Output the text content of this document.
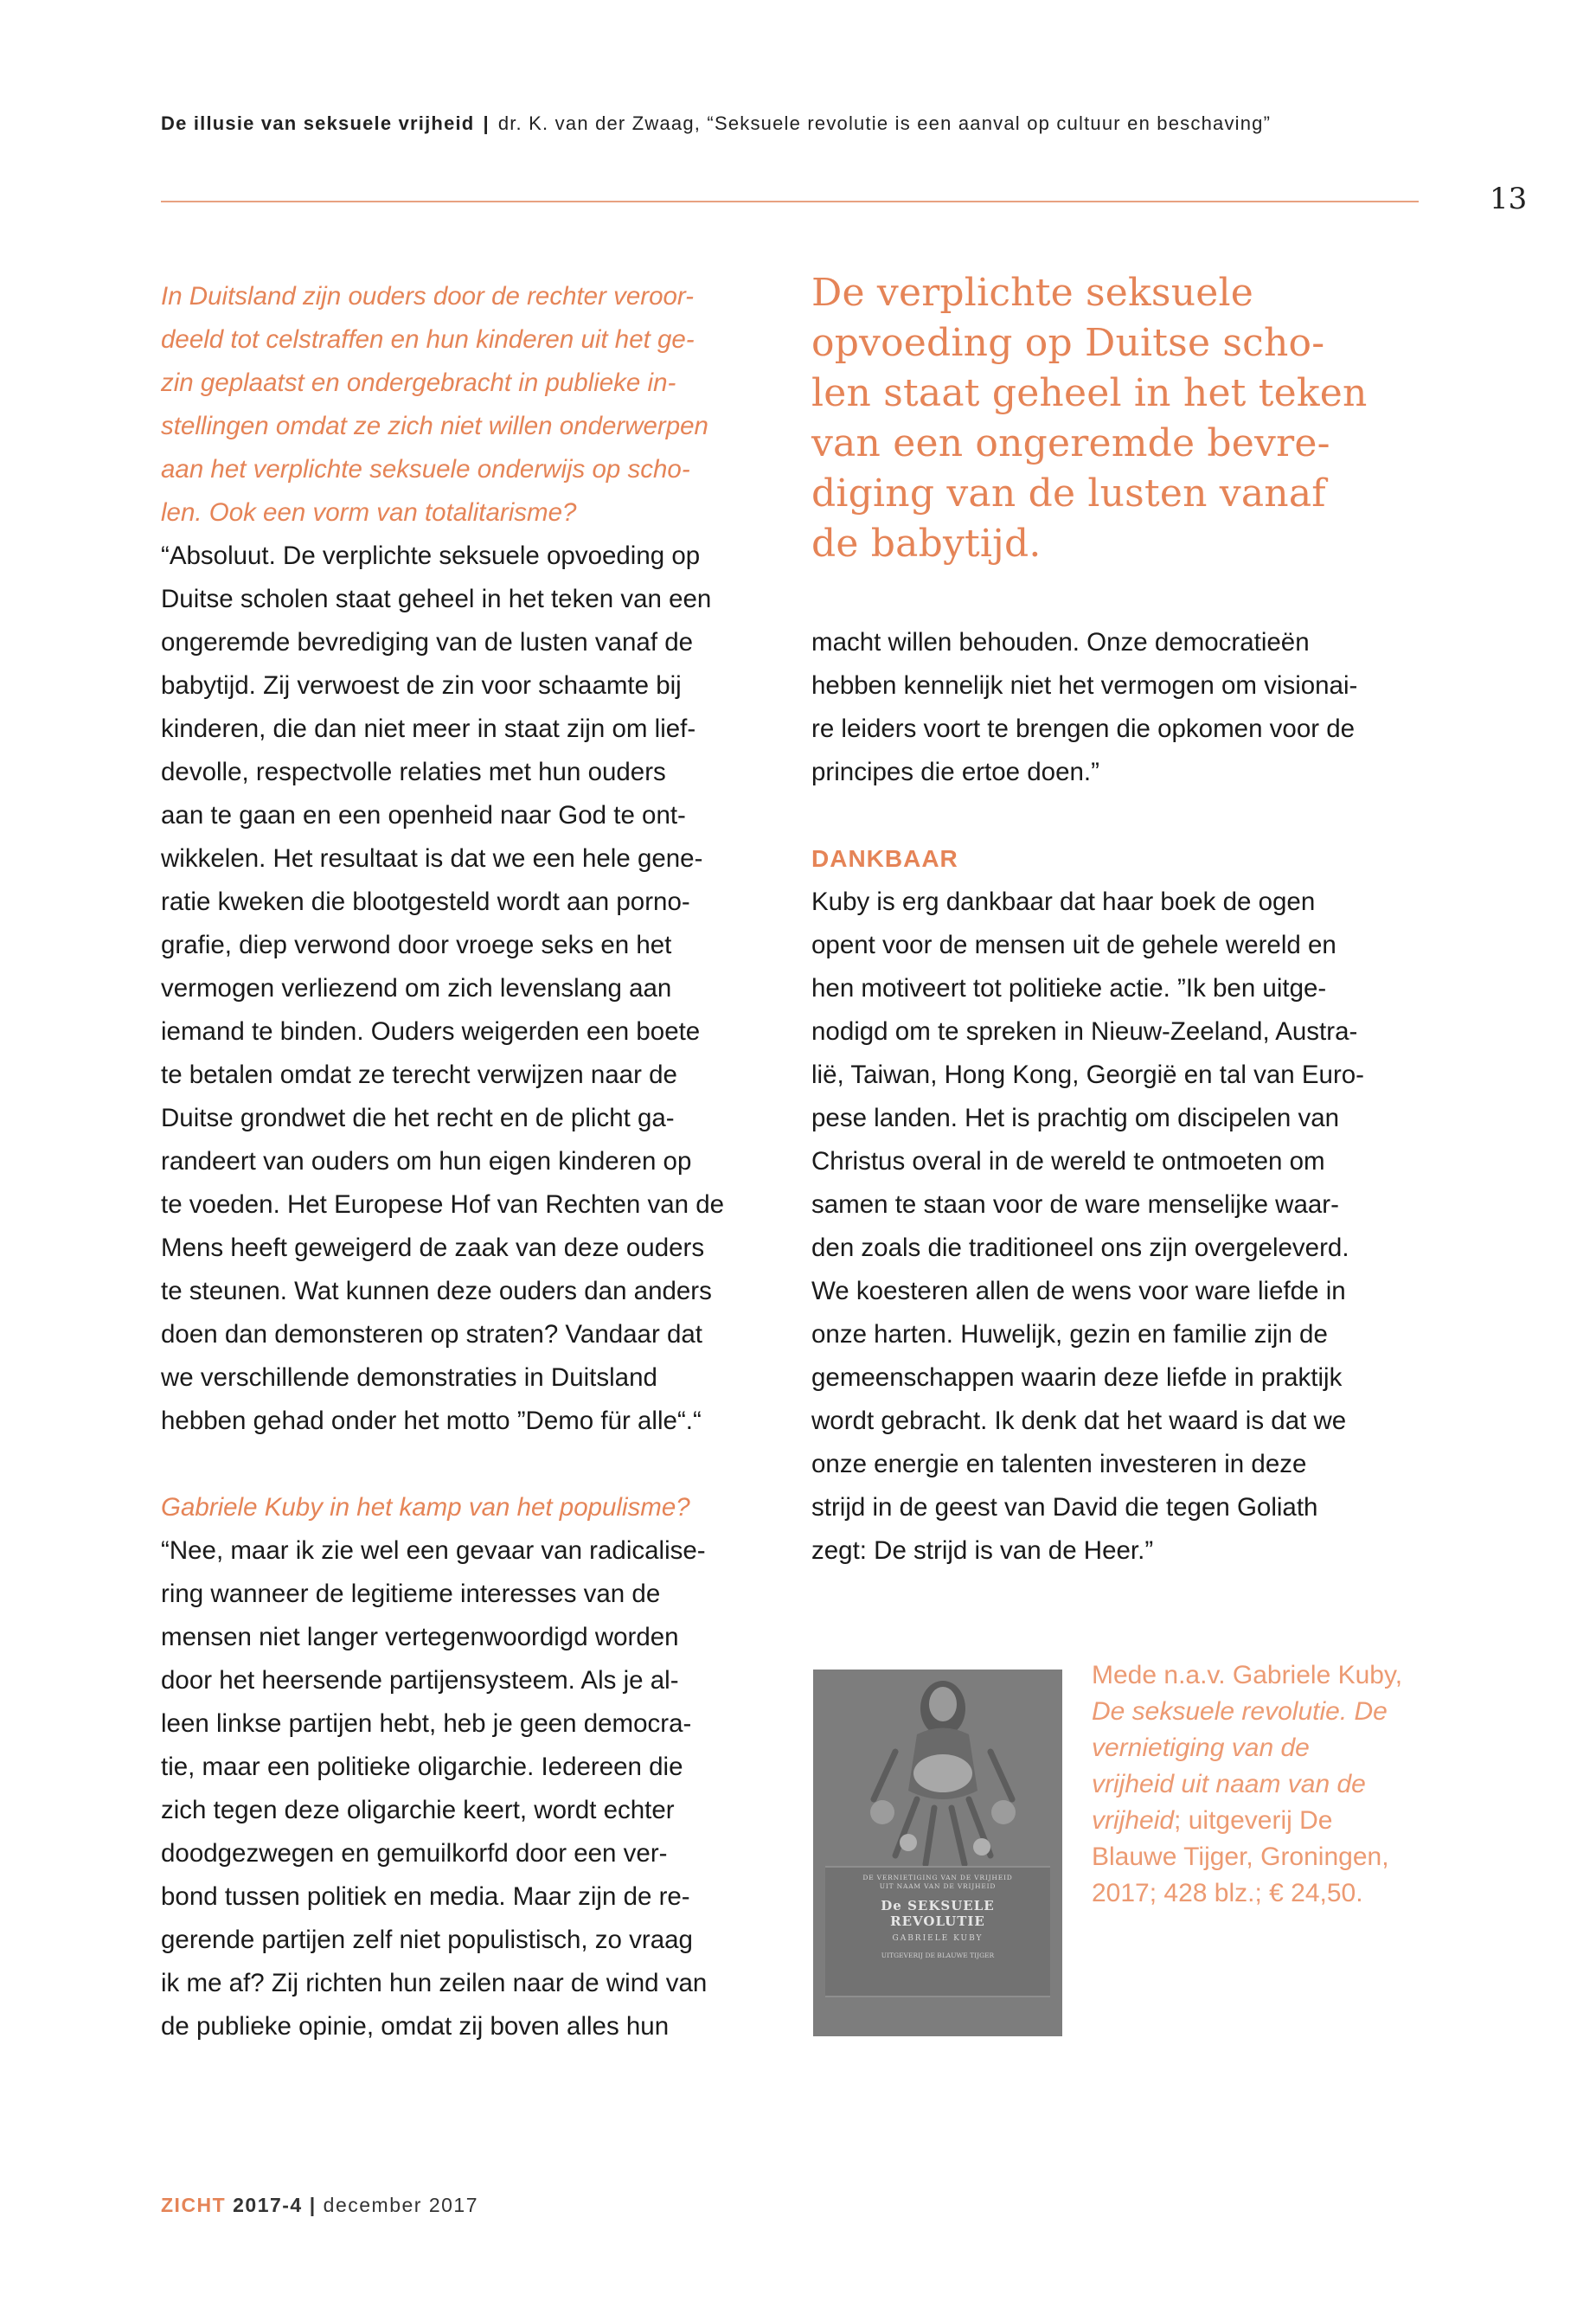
De illusie van seksuele vrijheid | dr. K. van der Zwaag, “Seksuele revolutie is een aanval op cultuur en beschaving”
13

In Duitsland zijn ouders door de rechter veroor-
deeld tot celstraffen en hun kinderen uit het ge-
zin geplaatst en ondergebracht in publieke in-
stellingen omdat ze zich niet willen onderwerpen
aan het verplichte seksuele onderwijs op scho-
len. Ook een vorm van totalitarisme?

“Absoluut. De verplichte seksuele opvoeding op
Duitse scholen staat geheel in het teken van een
ongeremde bevrediging van de lusten vanaf de
babytijd. Zij verwoest de zin voor schaamte bij
kinderen, die dan niet meer in staat zijn om lief-
devolle, respectvolle relaties met hun ouders
aan te gaan en een openheid naar God te ont-
wikkelen. Het resultaat is dat we een hele gene-
ratie kweken die blootgesteld wordt aan porno-
grafie, diep verwond door vroege seks en het
vermogen verliezend om zich levenslang aan
iemand te binden. Ouders weigerden een boete
te betalen omdat ze terecht verwijzen naar de
Duitse grondwet die het recht en de plicht ga-
randeert van ouders om hun eigen kinderen op
te voeden. Het Europese Hof van Rechten van de
Mens heeft geweigerd de zaak van deze ouders
te steunen. Wat kunnen deze ouders dan anders
doen dan demonsteren op straten? Vandaar dat
we verschillende demonstraties in Duitsland
hebben gehad onder het motto ”Demo für alle“.“

Gabriele Kuby in het kamp van het populisme?

“Nee, maar ik zie wel een gevaar van radicalise-
ring wanneer de legitieme interesses van de
mensen niet langer vertegenwoordigd worden
door het heersende partijensysteem. Als je al-
leen linkse partijen hebt, heb je geen democra-
tie, maar een politieke oligarchie. Iedereen die
zich tegen deze oligarchie keert, wordt echter
doodgezwegen en gemuilkorfd door een ver-
bond tussen politiek en media. Maar zijn de re-
gerende partijen zelf niet populistisch, zo vraag
ik me af? Zij richten hun zeilen naar de wind van
de publieke opinie, omdat zij boven alles hun

De verplichte seksuele
opvoeding op Duitse scho-
len staat geheel in het teken
van een ongeremde bevre-
diging van de lusten vanaf
de babytijd.

macht willen behouden. Onze democratieën
hebben kennelijk niet het vermogen om visionai-
re leiders voort te brengen die opkomen voor de
principes die ertoe doen.”

DANKBAAR

Kuby is erg dankbaar dat haar boek de ogen
opent voor de mensen uit de gehele wereld en
hen motiveert tot politieke actie. ”Ik ben uitge-
nodigd om te spreken in Nieuw-Zeeland, Austra-
lië, Taiwan, Hong Kong, Georgië en tal van Euro-
pese landen. Het is prachtig om discipelen van
Christus overal in de wereld te ontmoeten om
samen te staan voor de ware menselijke waar-
den zoals die traditioneel ons zijn overgeleverd.
We koesteren allen de wens voor ware liefde in
onze harten. Huwelijk, gezin en familie zijn de
gemeenschappen waarin deze liefde in praktijk
wordt gebracht. Ik denk dat het waard is dat we
onze energie en talenten investeren in deze
strijd in de geest van David die tegen Goliath
zegt: De strijd is van de Heer.”

DE VERNIETIGING VAN DE VRIJHEID
UIT NAAM VAN DE VRIJHEID
De SEKSUELE
REVOLUTIE
GABRIELE KUBY
UITGEVERIJ DE BLAUWE TIJGER
Mede n.a.v. Gabriele Kuby,
De seksuele revolutie. De
vernietiging van de
vrijheid uit naam van de
vrijheid; uitgeverij De
Blauwe Tijger, Groningen,
2017; 428 blz.; € 24,50.
ZICHT 2017-4 | december 2017
